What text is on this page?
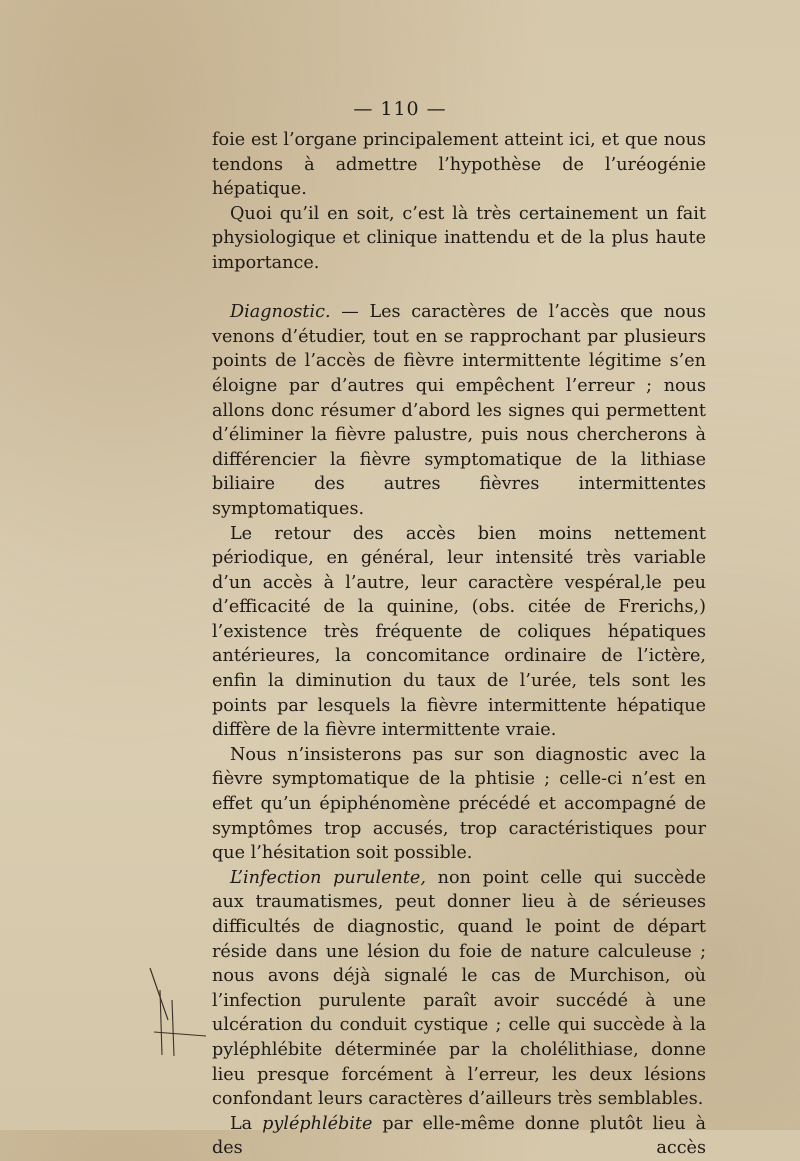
— 110 —

foie est l’organe principalement atteint ici, et que nous tendons à admettre l’hypothèse de l’uréogénie hépatique.

Quoi qu’il en soit, c’est là très certainement un fait physiologique et clinique inattendu et de la plus haute importance.

Diagnostic. — Les caractères de l’accès que nous venons d’étudier, tout en se rapprochant par plusieurs points de l’accès de fièvre intermittente légitime s’en éloigne par d’autres qui empêchent l’erreur ; nous allons donc résumer d’abord les signes qui permettent d’éliminer la fièvre palustre, puis nous chercherons à différencier la fièvre symptomatique de la lithiase biliaire des autres fièvres intermittentes symptomatiques.

Le retour des accès bien moins nettement périodique, en général, leur intensité très variable d’un accès à l’autre, leur caractère vespéral,le peu d’efficacité de la quinine, (obs. citée de Frerichs,) l’existence très fréquente de coliques hépatiques antérieures, la concomitance ordinaire de l’ictère, enfin la diminution du taux de l’urée, tels sont les points par lesquels la fièvre intermittente hépatique diffère de la fièvre intermittente vraie.

Nous n’insisterons pas sur son diagnostic avec la fièvre symptomatique de la phtisie ; celle-ci n’est en effet qu’un épiphénomène précédé et accompagné de symptômes trop accusés, trop caractéristiques pour que l’hésitation soit possible.

L’infection purulente, non point celle qui succède aux traumatismes, peut donner lieu à de sérieuses difficultés de diagnostic, quand le point de départ réside dans une lésion du foie de nature calculeuse ; nous avons déjà signalé le cas de Murchison, où l’infection purulente paraît avoir succédé à une ulcération du conduit cystique ; celle qui succède à la pyléphlébite déterminée par la cholélithiase, donne lieu presque forcément à l’erreur, les deux lésions confondant leurs caractères d’ailleurs très semblables.

La pyléphlébite par elle-même donne plutôt lieu à des accès
